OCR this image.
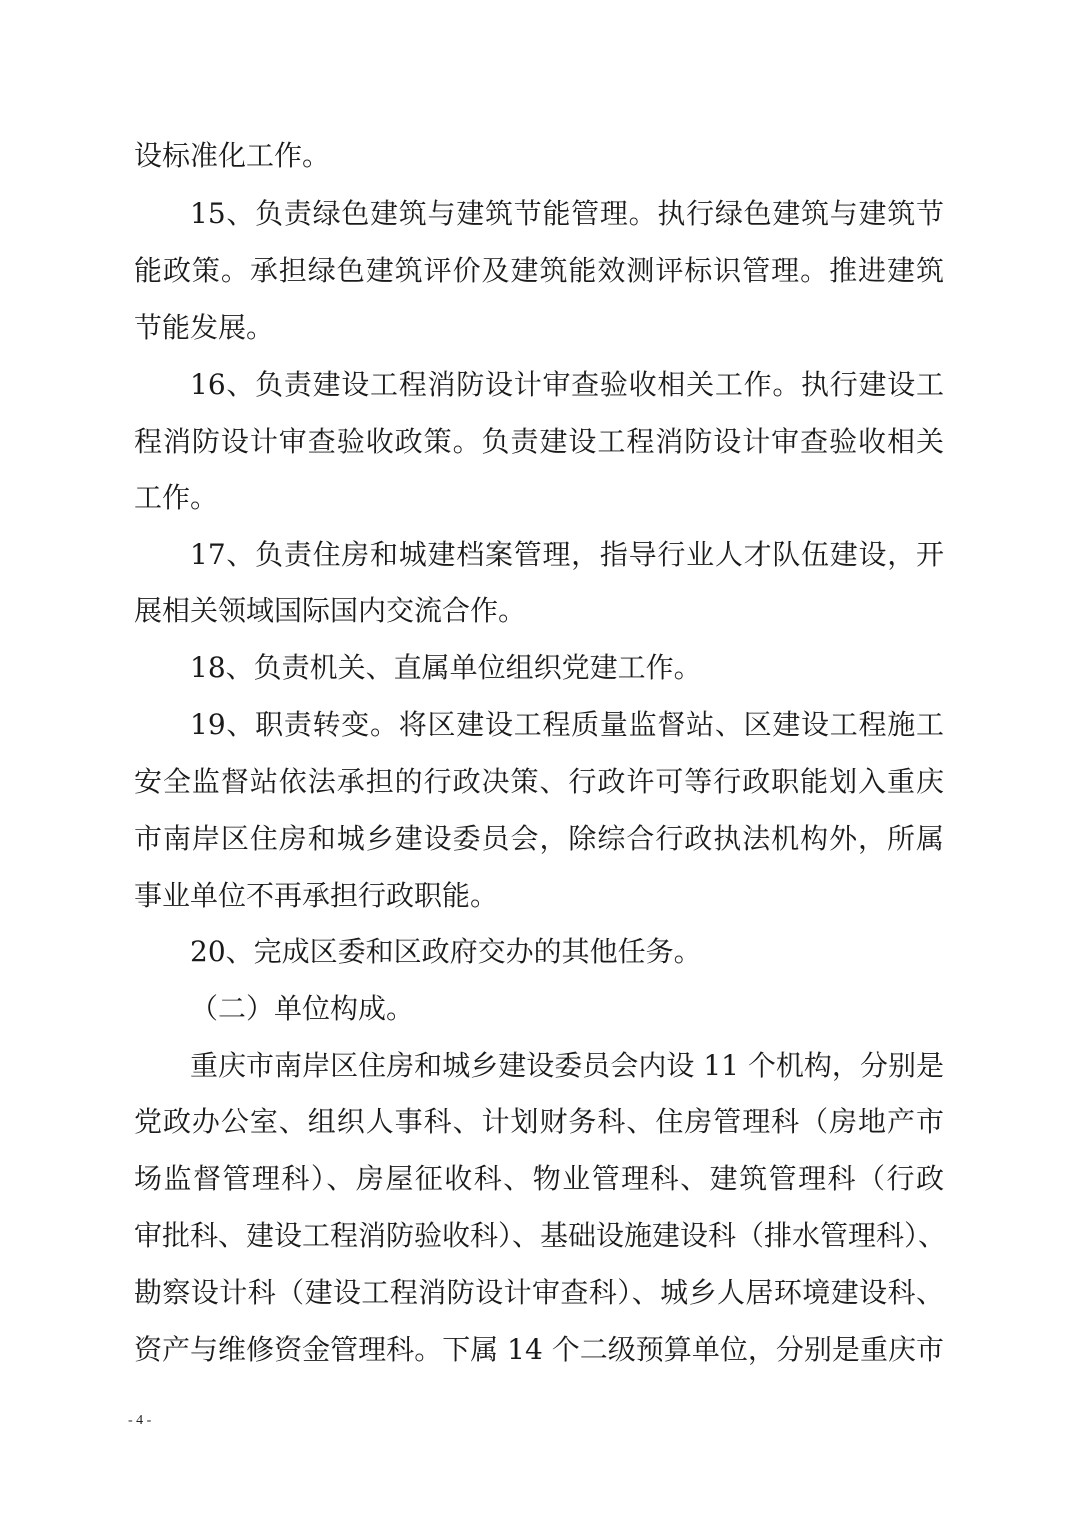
设标准化工作。
15、负责绿色建筑与建筑节能管理。执行绿色建筑与建筑节
能政策。承担绿色建筑评价及建筑能效测评标识管理。推进建筑
节能发展。
16、负责建设工程消防设计审查验收相关工作。执行建设工
程消防设计审查验收政策。负责建设工程消防设计审查验收相关
工作。
17、负责住房和城建档案管理，指导行业人才队伍建设，开
展相关领域国际国内交流合作。
18、负责机关、直属单位组织党建工作。
19、职责转变。将区建设工程质量监督站、区建设工程施工
安全监督站依法承担的行政决策、行政许可等行政职能划入重庆
市南岸区住房和城乡建设委员会，除综合行政执法机构外，所属
事业单位不再承担行政职能。
20、完成区委和区政府交办的其他任务。
（二）单位构成。
重庆市南岸区住房和城乡建设委员会内设 11 个机构，分别是
党政办公室、组织人事科、计划财务科、住房管理科（房地产市
场监督管理科）、房屋征收科、物业管理科、建筑管理科（行政
审批科、建设工程消防验收科）、基础设施建设科（排水管理科）、
勘察设计科（建设工程消防设计审查科）、城乡人居环境建设科、
资产与维修资金管理科。下属 14 个二级预算单位，分别是重庆市
- 4 -
